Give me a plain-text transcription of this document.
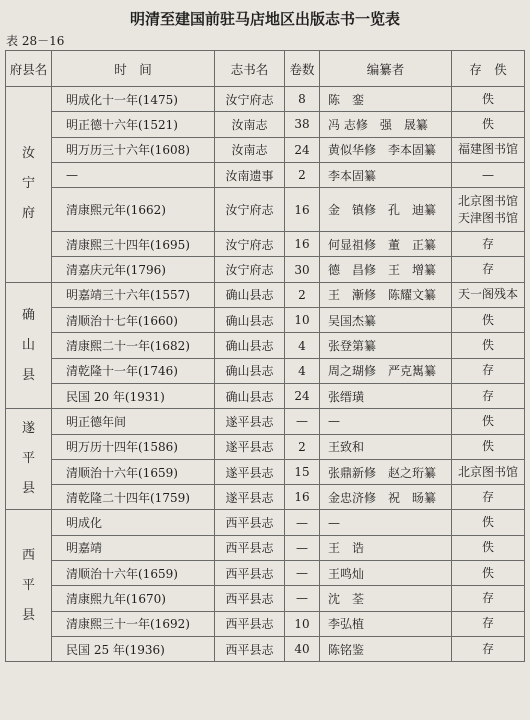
明清至建国前驻马店地区出版志书一览表
表 28－16
府县名	时　间	志书名	卷数	编纂者	存　佚

汝
宁
府	明成化十一年(1475)	汝宁府志	8	陈　銮	佚

	明正德十六年(1521)	汝南志	38	冯 志修　强　晟纂	佚

	明万历三十六年(1608)	汝南志	24	黄似华修　李本固纂	福建图书馆

	—	汝南遗事	2	李本固纂	—

	清康熙元年(1662)	汝宁府志	16	金　镇修　孔　迪纂	北京图书馆
天津图书馆

	清康熙三十四年(1695)	汝宁府志	16	何显祖修　董　正纂	存

	清嘉庆元年(1796)	汝宁府志	30	德　昌修　王　增纂	存

确
山
县	明嘉靖三十六年(1557)	确山县志	2	王　漸修　陈耀文纂	天一阁残本

	清顺治十七年(1660)	确山县志	10	吴国杰纂	佚

	清康熙二十一年(1682)	确山县志	4	张登第纂	佚

	清乾隆十一年(1746)	确山县志	4	周之瑚修　严克嶲纂	存

	民国 20 年(1931)	确山县志	24	张缙璜	存

遂
平
县	明正德年间	遂平县志	—	—	佚

	明万历十四年(1586)	遂平县志	2	王致和	佚

	清顺治十六年(1659)	遂平县志	15	张鼎新修　赵之珩纂	北京图书馆

	清乾隆二十四年(1759)	遂平县志	16	金忠济修　祝　旸纂	存

西
平
县	明成化	西平县志	—	—	佚

	明嘉靖	西平县志	—	王　诰	佚

	清顺治十六年(1659)	西平县志	—	王鸣灿	佚

	清康熙九年(1670)	西平县志	—	沈　荃	存

	清康熙三十一年(1692)	西平县志	10	李弘植	存

	民国 25 年(1936)	西平县志	40	陈铭鉴	存
